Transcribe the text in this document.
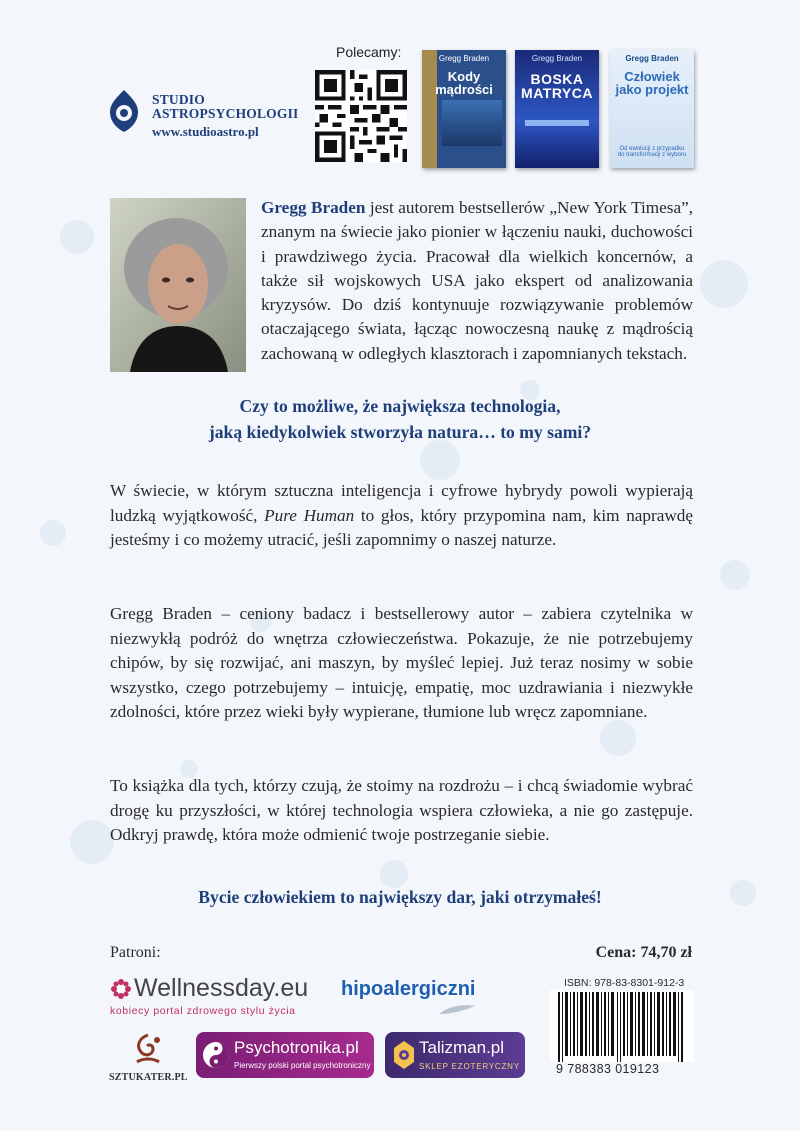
STUDIO
ASTROPSYCHOLOGII
www.studioastro.pl
Polecamy:	Gregg Braden
Kody mądrości
Gregg Braden
BOSKA MATRYCA
Gregg Braden
Człowiek jako projekt
Od ewolucji z przypadku do transformacji z wyboru
Gregg Braden jest autorem bestsellerów „New York Timesa”, znanym na świecie jako pionier w łączeniu nauki, duchowości i prawdziwego życia. Pracował dla wielkich koncernów, a także sił wojskowych USA jako ekspert od analizowania kryzysów. Do dziś kontynuuje rozwiązywanie problemów otaczającego świata, łącząc nowoczesną naukę z mądrością zachowaną w odległych klasztorach i zapomnianych tekstach.
Czy to możliwe, że największa technologia,
jaką kiedykolwiek stworzyła natura… to my sami?
W świecie, w którym sztuczna inteligencja i cyfrowe hybrydy powoli wypierają ludzką wyjątkowość, Pure Human to głos, który przypomina nam, kim naprawdę jesteśmy i co możemy utracić, jeśli zapomnimy o naszej naturze.
Gregg Braden – ceniony badacz i bestsellerowy autor – zabiera czytelnika w niezwykłą podróż do wnętrza człowieczeństwa. Pokazuje, że nie potrzebujemy chipów, by się rozwijać, ani maszyn, by myśleć lepiej. Już teraz nosimy w sobie wszystko, czego potrzebujemy – intuicję, empatię, moc uzdrawiania i niezwykłe zdolności, które przez wieki były wypierane, tłumione lub wręcz zapomniane.
To książka dla tych, którzy czują, że stoimy na rozdrożu – i chcą świadomie wybrać drogę ku przyszłości, w której technologia wspiera człowieka, a nie go zastępuje. Odkryj prawdę, która może odmienić twoje postrzeganie siebie.
Bycie człowiekiem to największy dar, jaki otrzymałeś!
Patroni:	Cena: 74,70 zł
ISBN: 978-83-8301-912-3
9 788383 019123
Wellnessday.eu
kobiecy portal zdrowego stylu życia
hipoalergiczni
SZTUKATER.PL
Psychotronika.pl
Pierwszy polski portal psychotroniczny
Talizman.pl
SKLEP EZOTERYCZNY
